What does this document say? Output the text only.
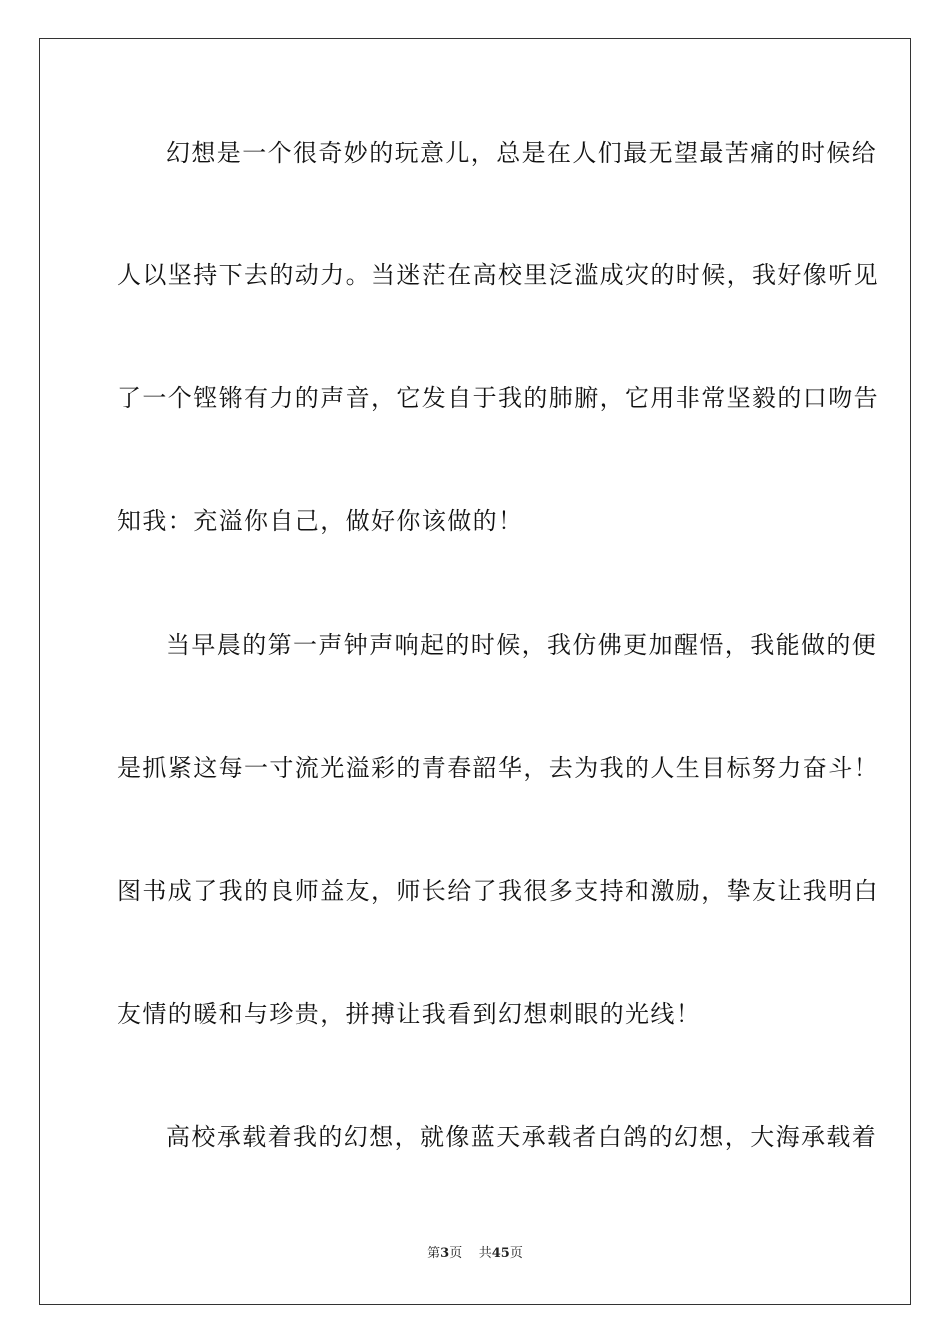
幻想是一个很奇妙的玩意儿，总是在人们最无望最苦痛的时候给
人以坚持下去的动力。当迷茫在高校里泛滥成灾的时候，我好像听见
了一个铿锵有力的声音，它发自于我的肺腑，它用非常坚毅的口吻告
知我：充溢你自己，做好你该做的！
当早晨的第一声钟声响起的时候，我仿佛更加醒悟，我能做的便
是抓紧这每一寸流光溢彩的青春韶华，去为我的人生目标努力奋斗！
图书成了我的良师益友，师长给了我很多支持和激励，挚友让我明白
友情的暖和与珍贵，拼搏让我看到幻想刺眼的光线！
高校承载着我的幻想，就像蓝天承载者白鸽的幻想，大海承载着
第3页 共45页
